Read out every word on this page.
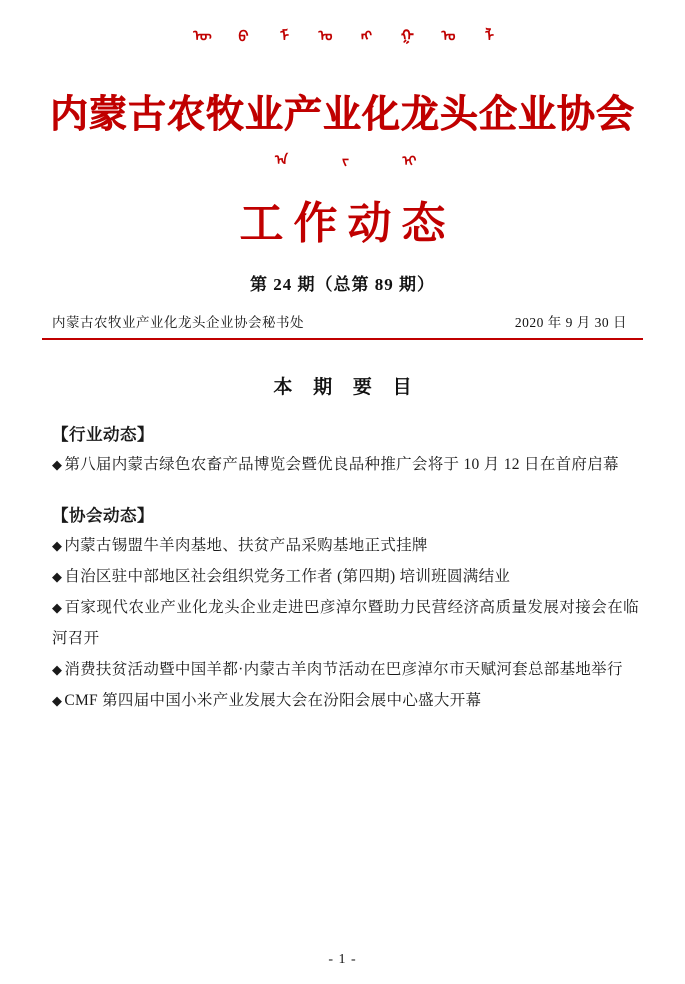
ᠦ ᠪ ᠮ ᠣ ᠩ ᠭ ᠣ ᠯ
内蒙古农牧业产业化龙头企业协会
ᠠ	ᠵ	ᠢ
工作动态
第 24 期（总第 89 期）
内蒙古农牧业产业化龙头企业协会秘书处	2020 年 9 月 30 日
本 期 要 目
【行业动态】
◆ 第八届内蒙古绿色农畜产品博览会暨优良品种推广会将于 10 月 12 日在首府启幕
【协会动态】
◆ 内蒙古锡盟牛羊肉基地、扶贫产品采购基地正式挂牌
◆ 自治区驻中部地区社会组织党务工作者 (第四期) 培训班圆满结业
◆ 百家现代农业产业化龙头企业走进巴彦淖尔暨助力民营经济高质量发展对接会在临河召开
◆ 消费扶贫活动暨中国羊都·内蒙古羊肉节活动在巴彦淖尔市天赋河套总部基地举行
◆ CMF 第四届中国小米产业发展大会在汾阳会展中心盛大开幕
- 1 -
